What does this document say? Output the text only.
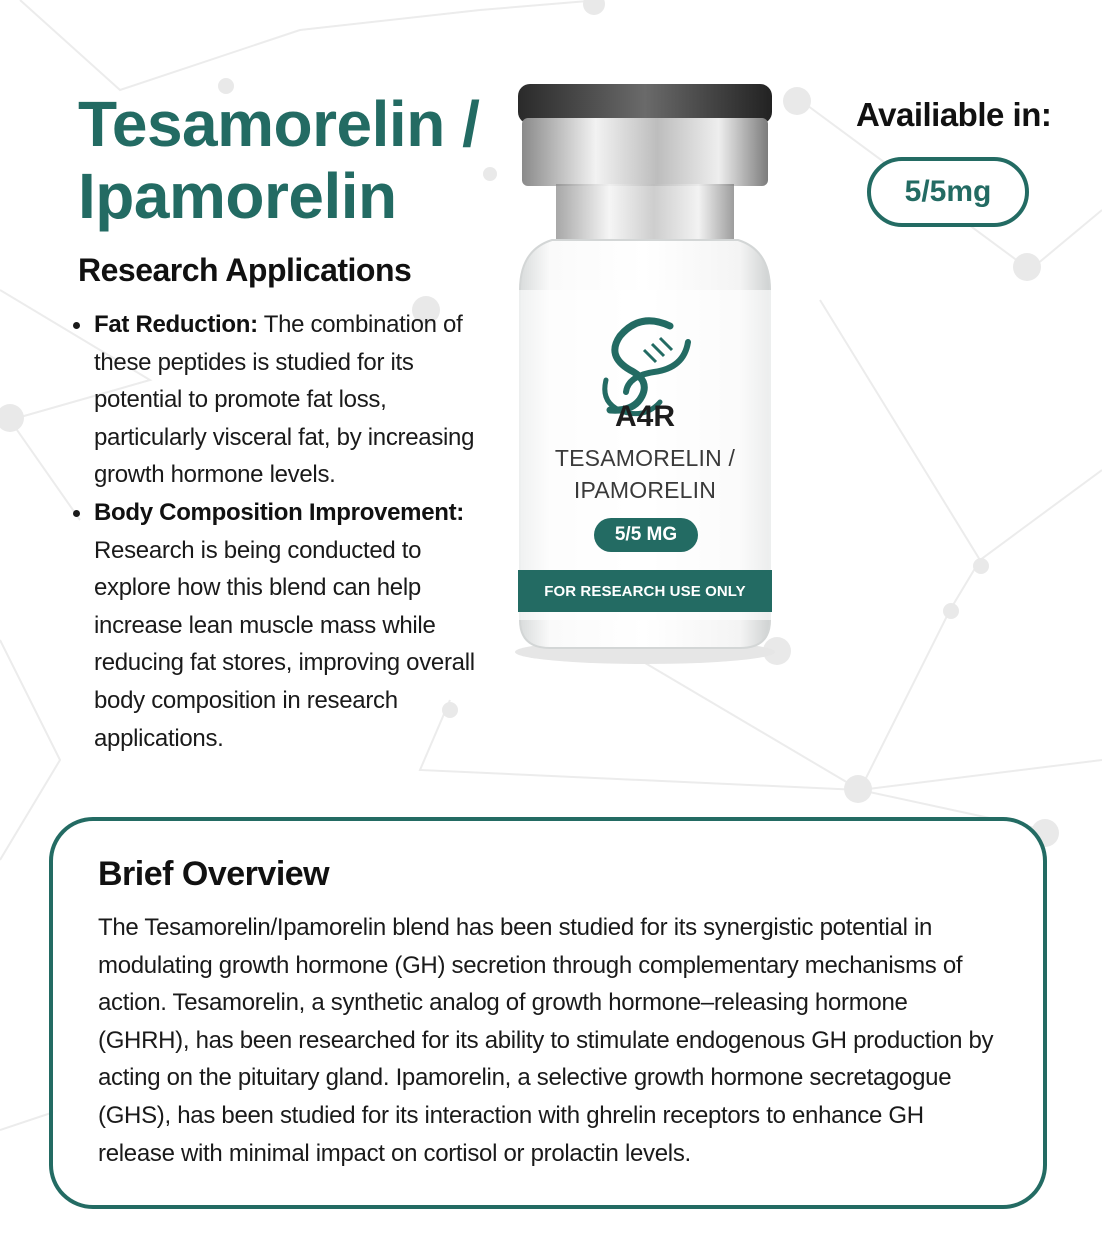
Tesamorelin /
Ipamorelin
Research Applications
Fat Reduction: The combination of these peptides is studied for its potential to promote fat loss, particularly visceral fat, by increasing growth hormone levels.
Body Composition Improvement: Research is being conducted to explore how this blend can help increase lean muscle mass while reducing fat stores, improving overall body composition in research applications.
Availiable in:
5/5mg
A4R
TESAMORELIN /
IPAMORELIN
5/5 MG
FOR RESEARCH USE ONLY
Brief Overview

The Tesamorelin/Ipamorelin blend has been studied for its synergistic potential in modulating growth hormone (GH) secretion through complementary mechanisms of action. Tesamorelin, a synthetic analog of growth hormone–releasing hormone (GHRH), has been researched for its ability to stimulate endogenous GH production by acting on the pituitary gland. Ipamorelin, a selective growth hormone secretagogue (GHS), has been studied for its interaction with ghrelin receptors to enhance GH release with minimal impact on cortisol or prolactin levels.
